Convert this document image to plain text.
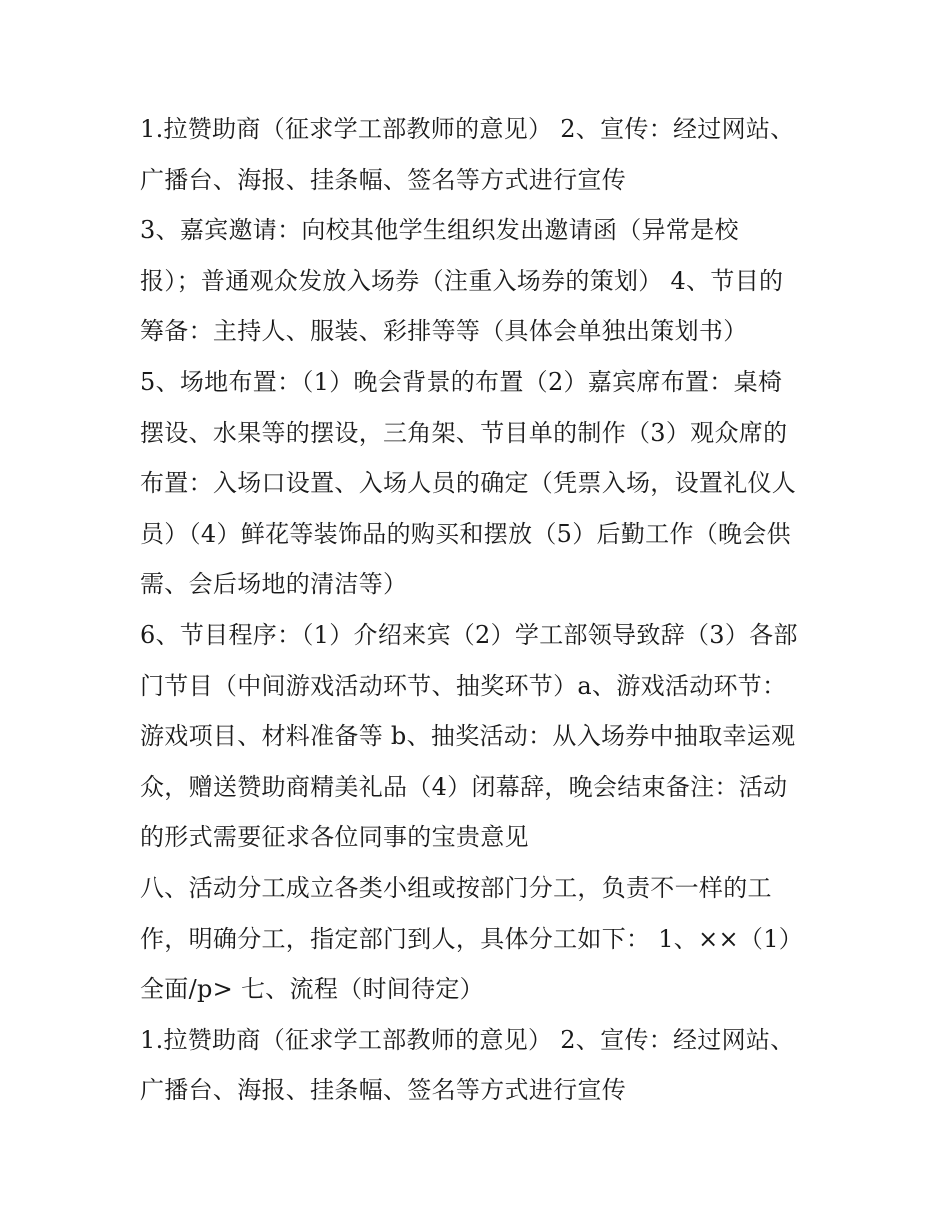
1.拉赞助商（征求学工部教师的意见） 2、宣传：经过网站、
广播台、海报、挂条幅、签名等方式进行宣传
3、嘉宾邀请：向校其他学生组织发出邀请函（异常是校
报）；普通观众发放入场券（注重入场券的策划） 4、节目的
筹备：主持人、服装、彩排等等（具体会单独出策划书）
5、场地布置：（1）晚会背景的布置（2）嘉宾席布置：桌椅
摆设、水果等的摆设，三角架、节目单的制作（3）观众席的
布置：入场口设置、入场人员的确定（凭票入场，设置礼仪人
员）（4）鲜花等装饰品的购买和摆放（5）后勤工作（晚会供
需、会后场地的清洁等）
6、节目程序：（1）介绍来宾（2）学工部领导致辞（3）各部
门节目（中间游戏活动环节、抽奖环节）a、游戏活动环节：
游戏项目、材料准备等 b、抽奖活动：从入场券中抽取幸运观
众，赠送赞助商精美礼品（4）闭幕辞，晚会结束备注：活动
的形式需要征求各位同事的宝贵意见
八、活动分工成立各类小组或按部门分工，负责不一样的工
作，明确分工，指定部门到人，具体分工如下： 1、××（1）
全面/p> 七、流程（时间待定）
1.拉赞助商（征求学工部教师的意见） 2、宣传：经过网站、
广播台、海报、挂条幅、签名等方式进行宣传
